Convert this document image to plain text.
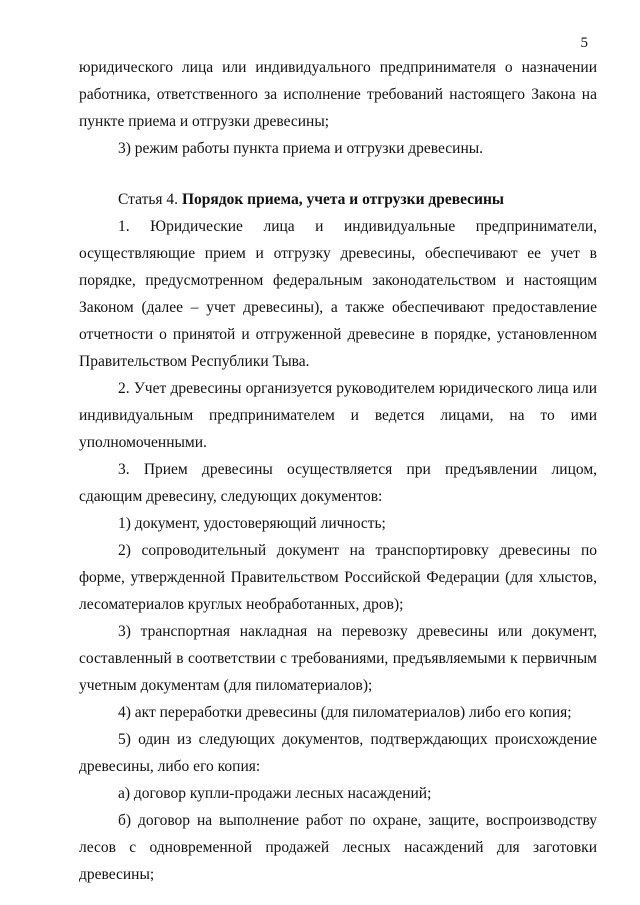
5

юридического лица или индивидуального предпринимателя о назначении работника, ответственного за исполнение требований настоящего Закона на пункте приема и отгрузки древесины;

3) режим работы пункта приема и отгрузки древесины.

Статья 4. Порядок приема, учета и отгрузки древесины

1. Юридические лица и индивидуальные предприниматели, осуществляющие прием и отгрузку древесины, обеспечивают ее учет в порядке, предусмотренном федеральным законодательством и настоящим Законом (далее – учет древесины), а также обеспечивают предоставление отчетности о принятой и отгруженной древесине в порядке, установленном Правительством Республики Тыва.

2. Учет древесины организуется руководителем юридического лица или индивидуальным предпринимателем и ведется лицами, на то ими уполномоченными.

3. Прием древесины осуществляется при предъявлении лицом, сдающим древесину, следующих документов:

1) документ, удостоверяющий личность;

2) сопроводительный документ на транспортировку древесины по форме, утвержденной Правительством Российской Федерации (для хлыстов, лесоматериалов круглых необработанных, дров);

3) транспортная накладная на перевозку древесины или документ, составленный в соответствии с требованиями, предъявляемыми к первичным учетным документам (для пиломатериалов);

4) акт переработки древесины (для пиломатериалов) либо его копия;

5) один из следующих документов, подтверждающих происхождение древесины, либо его копия:

а) договор купли-продажи лесных насаждений;

б) договор на выполнение работ по охране, защите, воспроизводству лесов с одновременной продажей лесных насаждений для заготовки древесины;
